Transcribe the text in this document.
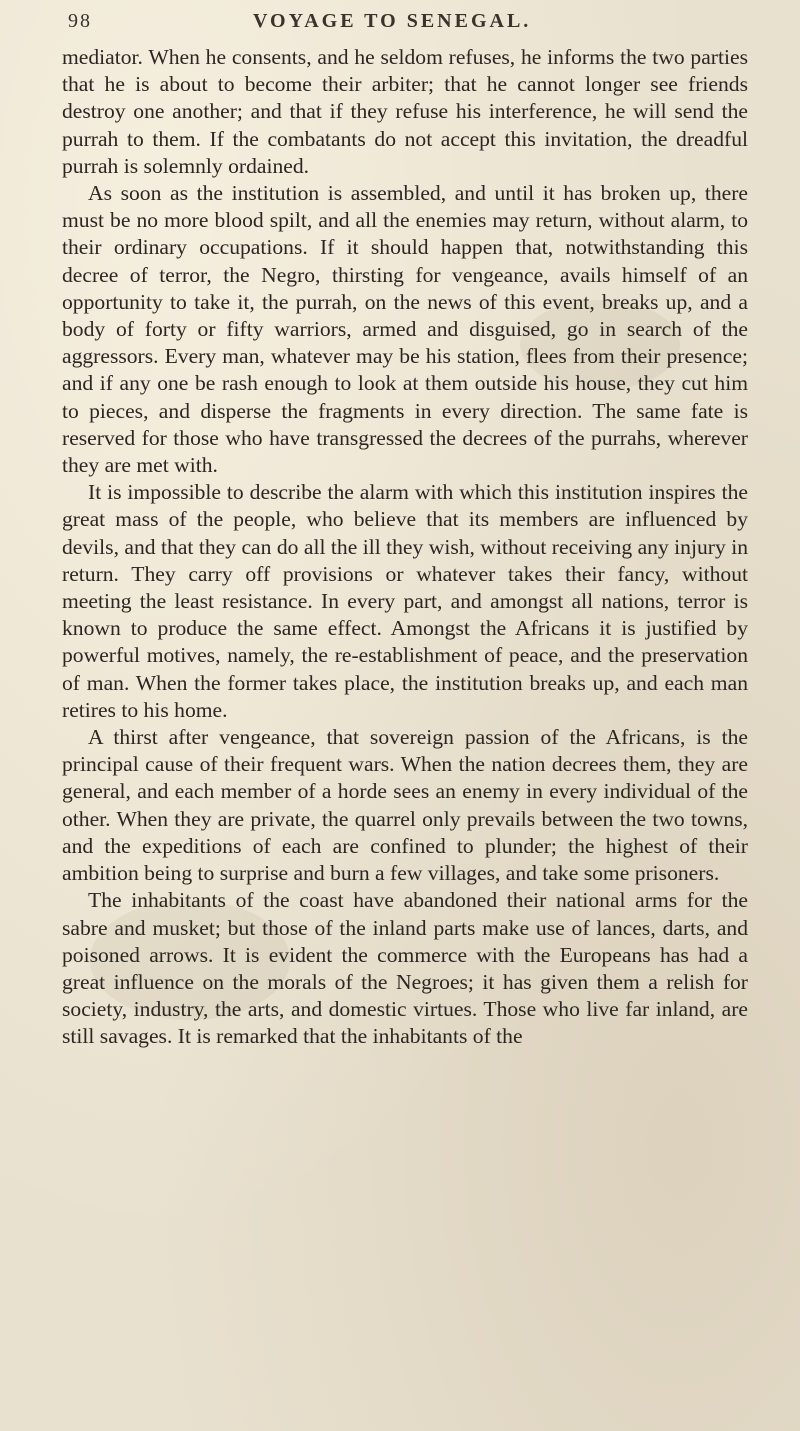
98	VOYAGE TO SENEGAL.

mediator. When he consents, and he seldom refuses, he informs the two parties that he is about to become their arbiter; that he cannot longer see friends destroy one another; and that if they refuse his interference, he will send the purrah to them. If the combatants do not accept this invitation, the dreadful purrah is solemnly ordained.

As soon as the institution is assembled, and until it has broken up, there must be no more blood spilt, and all the enemies may return, without alarm, to their ordinary occupations. If it should happen that, notwithstanding this decree of terror, the Negro, thirsting for vengeance, avails himself of an opportunity to take it, the purrah, on the news of this event, breaks up, and a body of forty or fifty warriors, armed and disguised, go in search of the aggressors. Every man, whatever may be his station, flees from their presence; and if any one be rash enough to look at them outside his house, they cut him to pieces, and disperse the fragments in every direction. The same fate is reserved for those who have transgressed the decrees of the purrahs, wherever they are met with.

It is impossible to describe the alarm with which this institution inspires the great mass of the people, who believe that its members are influenced by devils, and that they can do all the ill they wish, without receiving any injury in return. They carry off provisions or whatever takes their fancy, without meeting the least resistance. In every part, and amongst all nations, terror is known to produce the same effect. Amongst the Africans it is justified by powerful motives, namely, the re-establishment of peace, and the preservation of man. When the former takes place, the institution breaks up, and each man retires to his home.

A thirst after vengeance, that sovereign passion of the Africans, is the principal cause of their frequent wars. When the nation decrees them, they are general, and each member of a horde sees an enemy in every individual of the other. When they are private, the quarrel only prevails between the two towns, and the expeditions of each are confined to plunder; the highest of their ambition being to surprise and burn a few villages, and take some prisoners.

The inhabitants of the coast have abandoned their national arms for the sabre and musket; but those of the inland parts make use of lances, darts, and poisoned arrows. It is evident the commerce with the Europeans has had a great influence on the morals of the Negroes; it has given them a relish for society, industry, the arts, and domestic virtues. Those who live far inland, are still savages. It is remarked that the inhabitants of the
